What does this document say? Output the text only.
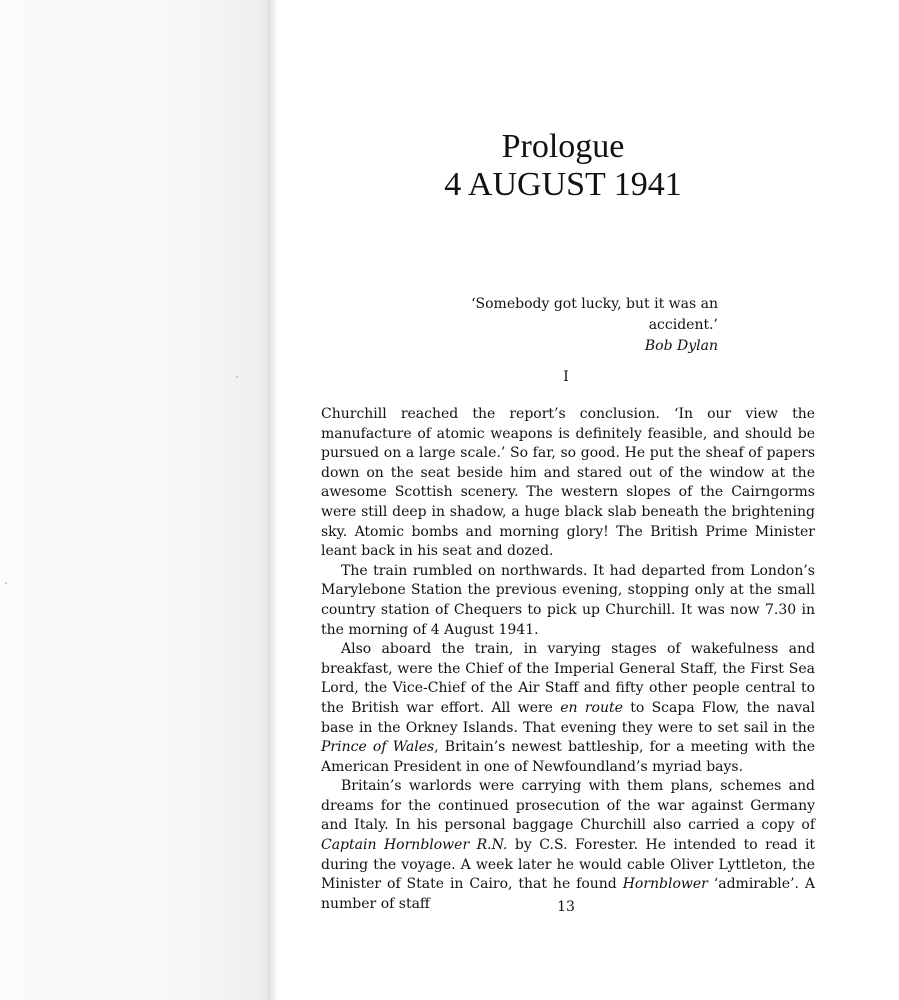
Prologue
4 AUGUST 1941
‘Somebody got lucky, but it was an accident.’
Bob Dylan
I

Churchill reached the report’s conclusion. ‘In our view the manufacture of atomic weapons is definitely feasible, and should be pursued on a large scale.’ So far, so good. He put the sheaf of papers down on the seat beside him and stared out of the window at the awesome Scottish scenery. The western slopes of the Cairngorms were still deep in shadow, a huge black slab beneath the brightening sky. Atomic bombs and morning glory! The British Prime Minister leant back in his seat and dozed.

The train rumbled on northwards. It had departed from London’s Marylebone Station the previous evening, stopping only at the small country station of Chequers to pick up Churchill. It was now 7.30 in the morning of 4 August 1941.

Also aboard the train, in varying stages of wakefulness and breakfast, were the Chief of the Imperial General Staff, the First Sea Lord, the Vice-Chief of the Air Staff and fifty other people central to the British war effort. All were en route to Scapa Flow, the naval base in the Orkney Islands. That evening they were to set sail in the Prince of Wales, Britain’s newest battleship, for a meeting with the American President in one of Newfoundland’s myriad bays.

Britain’s warlords were carrying with them plans, schemes and dreams for the continued prosecution of the war against Germany and Italy. In his personal baggage Churchill also carried a copy of Captain Hornblower R.N. by C.S. Forester. He intended to read it during the voyage. A week later he would cable Oliver Lyttleton, the Minister of State in Cairo, that he found Hornblower ‘admirable’. A number of staff	13
